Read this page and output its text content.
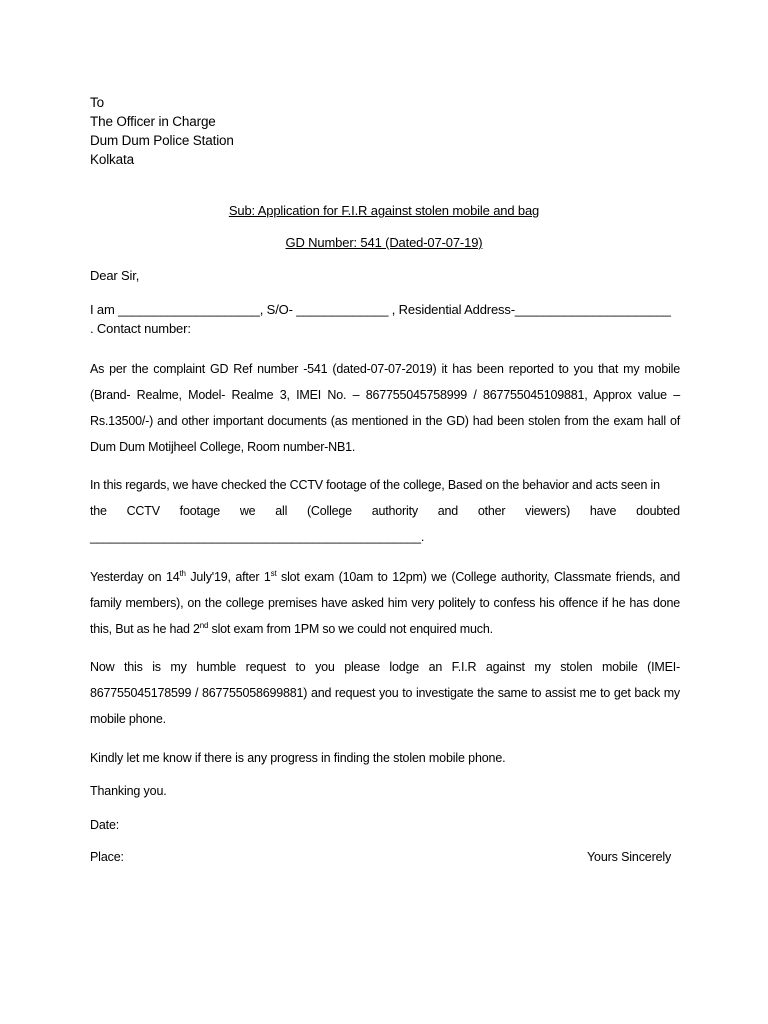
To
The Officer in Charge
Dum Dum Police Station
Kolkata
Sub: Application for F.I.R against stolen mobile and bag
GD Number: 541 (Dated-07-07-19)
Dear Sir,
I am ____________________, S/O- _____________ , Residential Address-______________________
. Contact number:
As per the complaint GD Ref number -541 (dated-07-07-2019) it has been reported to you that my mobile (Brand- Realme, Model- Realme 3, IMEI No. – 867755045758999 / 867755045109881, Approx value – Rs.13500/-) and other important documents (as mentioned in the GD) had been stolen from the exam hall of Dum Dum Motijheel College, Room number-NB1.
In this regards, we have checked the CCTV footage of the college, Based on the behavior and acts seen in
the CCTV footage we all (College authority and other viewers) have doubted
_________________________________________________.
Yesterday on 14th July'19, after 1st slot exam (10am to 12pm) we (College authority, Classmate friends, and family members), on the college premises have asked him very politely to confess his offence if he has done this, But as he had 2nd slot exam from 1PM so we could not enquired much.
Now this is my humble request to you please lodge an F.I.R against my stolen mobile (IMEI-867755045178599 / 867755058699881) and request you to investigate the same to assist me to get back my mobile phone.
Kindly let me know if there is any progress in finding the stolen mobile phone.
Thanking you.
Date:
Place:	Yours Sincerely
